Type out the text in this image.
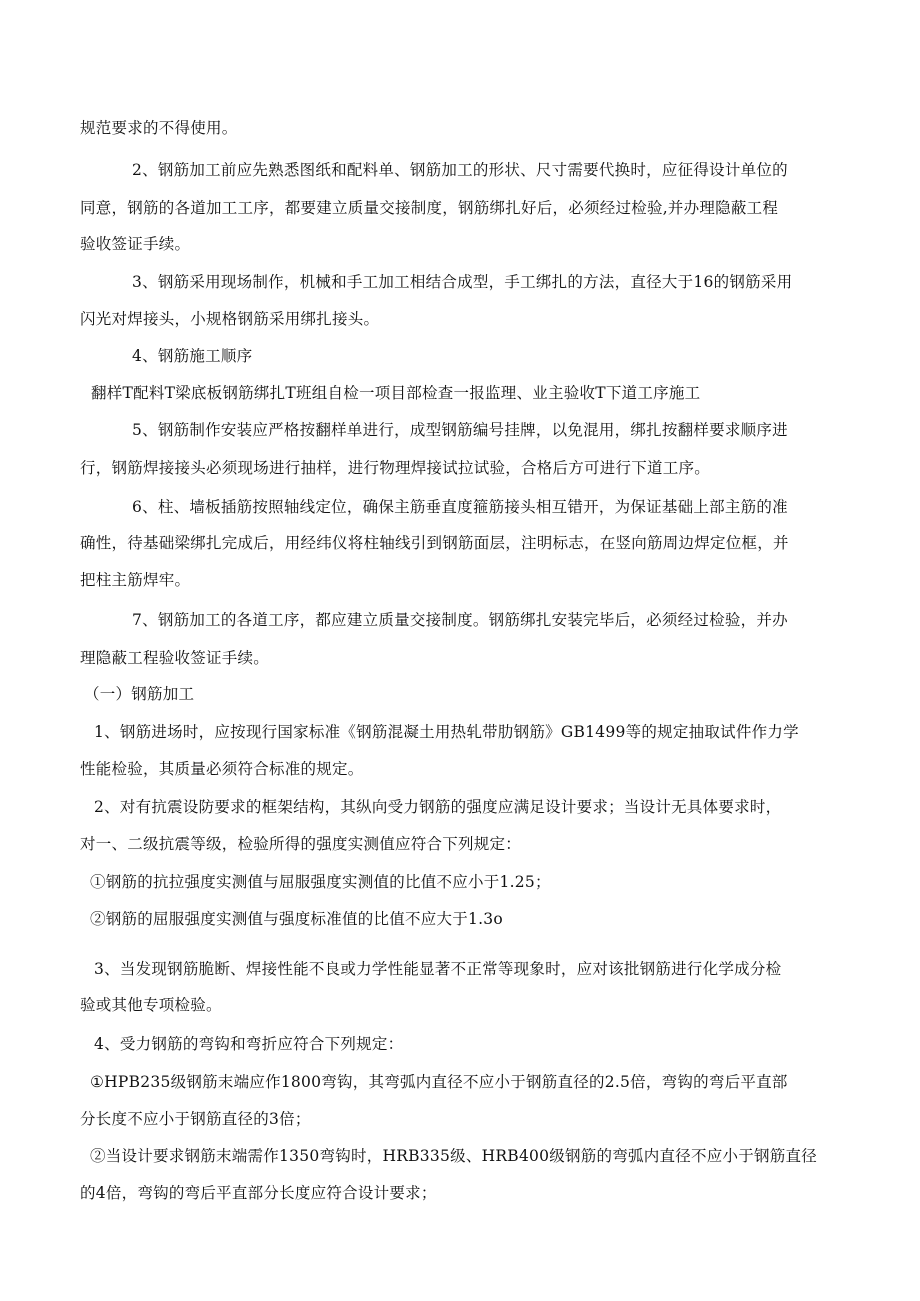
规范要求的不得使用。
2、钢筋加工前应先熟悉图纸和配料单、钢筋加工的形状、尺寸需要代换时，应征得设计单位的
同意，钢筋的各道加工工序，都要建立质量交接制度，钢筋绑扎好后，必须经过检验,并办理隐蔽工程
验收签证手续。
3、钢筋采用现场制作，机械和手工加工相结合成型，手工绑扎的方法，直径大于16的钢筋采用
闪光对焊接头，小规格钢筋采用绑扎接头。
4、钢筋施工顺序
翻样T配料T梁底板钢筋绑扎T班组自检一项目部检查一报监理、业主验收T下道工序施工
5、钢筋制作安装应严格按翻样单进行，成型钢筋编号挂牌，以免混用，绑扎按翻样要求顺序进
行，钢筋焊接接头必须现场进行抽样，进行物理焊接试拉试验，合格后方可进行下道工序。
6、柱、墙板插筋按照轴线定位，确保主筋垂直度箍筋接头相互错开，为保证基础上部主筋的准
确性，待基础梁绑扎完成后，用经纬仪将柱轴线引到钢筋面层，注明标志，在竖向筋周边焊定位框，并
把柱主筋焊牢。
7、钢筋加工的各道工序，都应建立质量交接制度。钢筋绑扎安装完毕后，必须经过检验，并办
理隐蔽工程验收签证手续。
（一）钢筋加工
1、钢筋进场时，应按现行国家标准《钢筋混凝土用热轧带肋钢筋》GB1499等的规定抽取试件作力学
性能检验，其质量必须符合标准的规定。
2、对有抗震设防要求的框架结构，其纵向受力钢筋的强度应满足设计要求；当设计无具体要求时，
对一、二级抗震等级，检验所得的强度实测值应符合下列规定：
①钢筋的抗拉强度实测值与屈服强度实测值的比值不应小于1.25；
②钢筋的屈服强度实测值与强度标准值的比值不应大于1.3o
3、当发现钢筋脆断、焊接性能不良或力学性能显著不正常等现象时，应对该批钢筋进行化学成分检
验或其他专项检验。
4、受力钢筋的弯钩和弯折应符合下列规定：
①HPB235级钢筋末端应作1800弯钩，其弯弧内直径不应小于钢筋直径的2.5倍，弯钩的弯后平直部
分长度不应小于钢筋直径的3倍；
②当设计要求钢筋末端需作1350弯钩时，HRB335级、HRB400级钢筋的弯弧内直径不应小于钢筋直径
的4倍，弯钩的弯后平直部分长度应符合设计要求；
